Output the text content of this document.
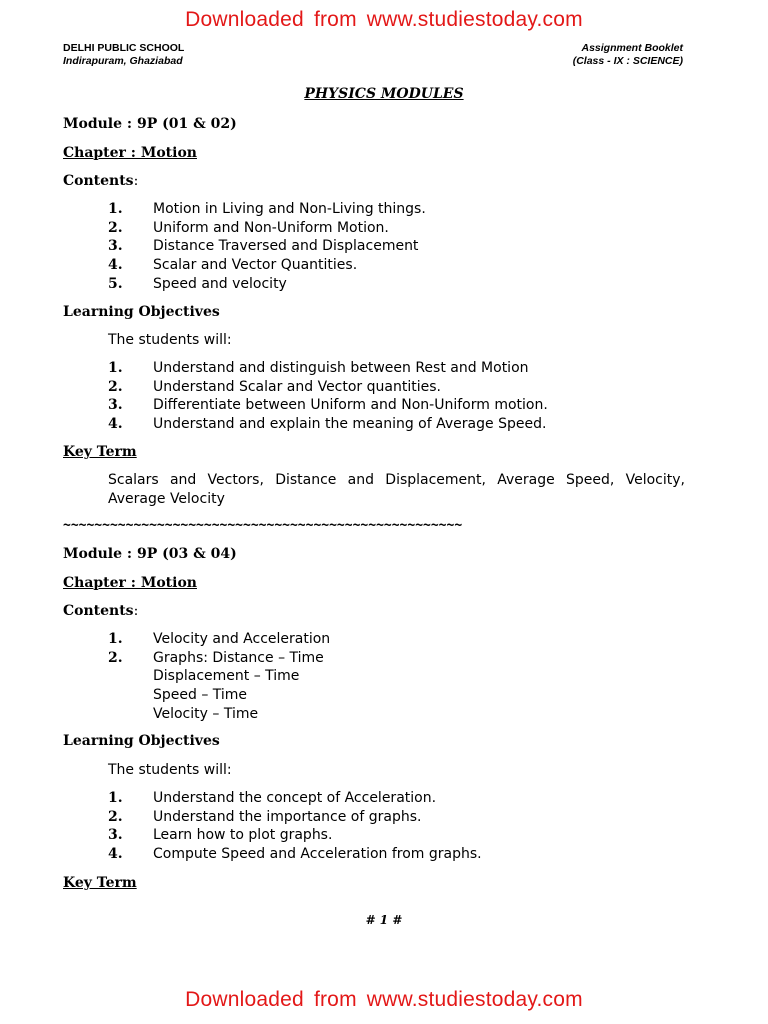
Downloaded from www.studiestoday.com
DELHI PUBLIC SCHOOL
Indirapuram, Ghaziabad
Assignment Booklet
(Class - IX : SCIENCE)
PHYSICS MODULES
Module : 9P (01 & 02)
Chapter : Motion
Contents:
1. Motion in Living and Non-Living things.
2. Uniform and Non-Uniform Motion.
3. Distance Traversed and Displacement
4. Scalar and Vector Quantities.
5. Speed and velocity
Learning Objectives
The students will:
1. Understand and distinguish between Rest and Motion
2. Understand Scalar and Vector quantities.
3. Differentiate between Uniform and Non-Uniform motion.
4. Understand and explain the meaning of Average Speed.
Key Term
Scalars and Vectors, Distance and Displacement, Average Speed, Velocity, Average Velocity
~~~~~~~~~~~~~~~~~~~~~~~~~~~~~~~~~~~~~~~~~~~~~~~~~~~
Module : 9P (03 & 04)
Chapter : Motion
Contents:
1. Velocity and Acceleration
2. Graphs: Distance – Time
Displacement – Time
Speed – Time
Velocity – Time
Learning Objectives
The students will:
1. Understand the concept of Acceleration.
2. Understand the importance of graphs.
3. Learn how to plot graphs.
4. Compute Speed and Acceleration from graphs.
Key Term
# 1 #
Downloaded from www.studiestoday.com
